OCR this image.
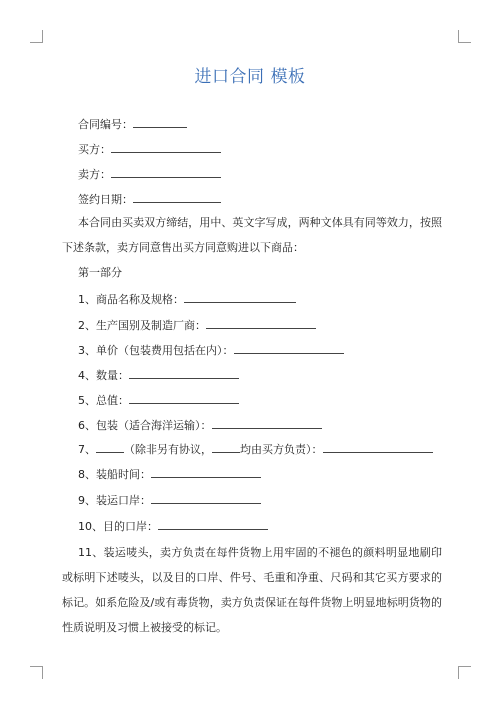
进口合同 模板
合同编号：
买方：
卖方：
签约日期：
本合同由买卖双方缔结，用中、英文字写成，两种文体具有同等效力，按照下述条款，卖方同意售出买方同意购进以下商品：
第一部分
1、商品名称及规格：
2、生产国别及制造厂商：
3、单价（包装费用包括在内）：
4、数量：
5、总值：
6、包装（适合海洋运输）：
7、	（除非另有协议，	均由买方负责）：
8、装船时间：
9、装运口岸：
10、目的口岸：
11、装运唛头，卖方负责在每件货物上用牢固的不褪色的颜料明显地刷印或标明下述唛头，以及目的口岸、件号、毛重和净重、尺码和其它买方要求的标记。如系危险及/或有毒货物，卖方负责保证在每件货物上明显地标明货物的性质说明及习惯上被接受的标记。
